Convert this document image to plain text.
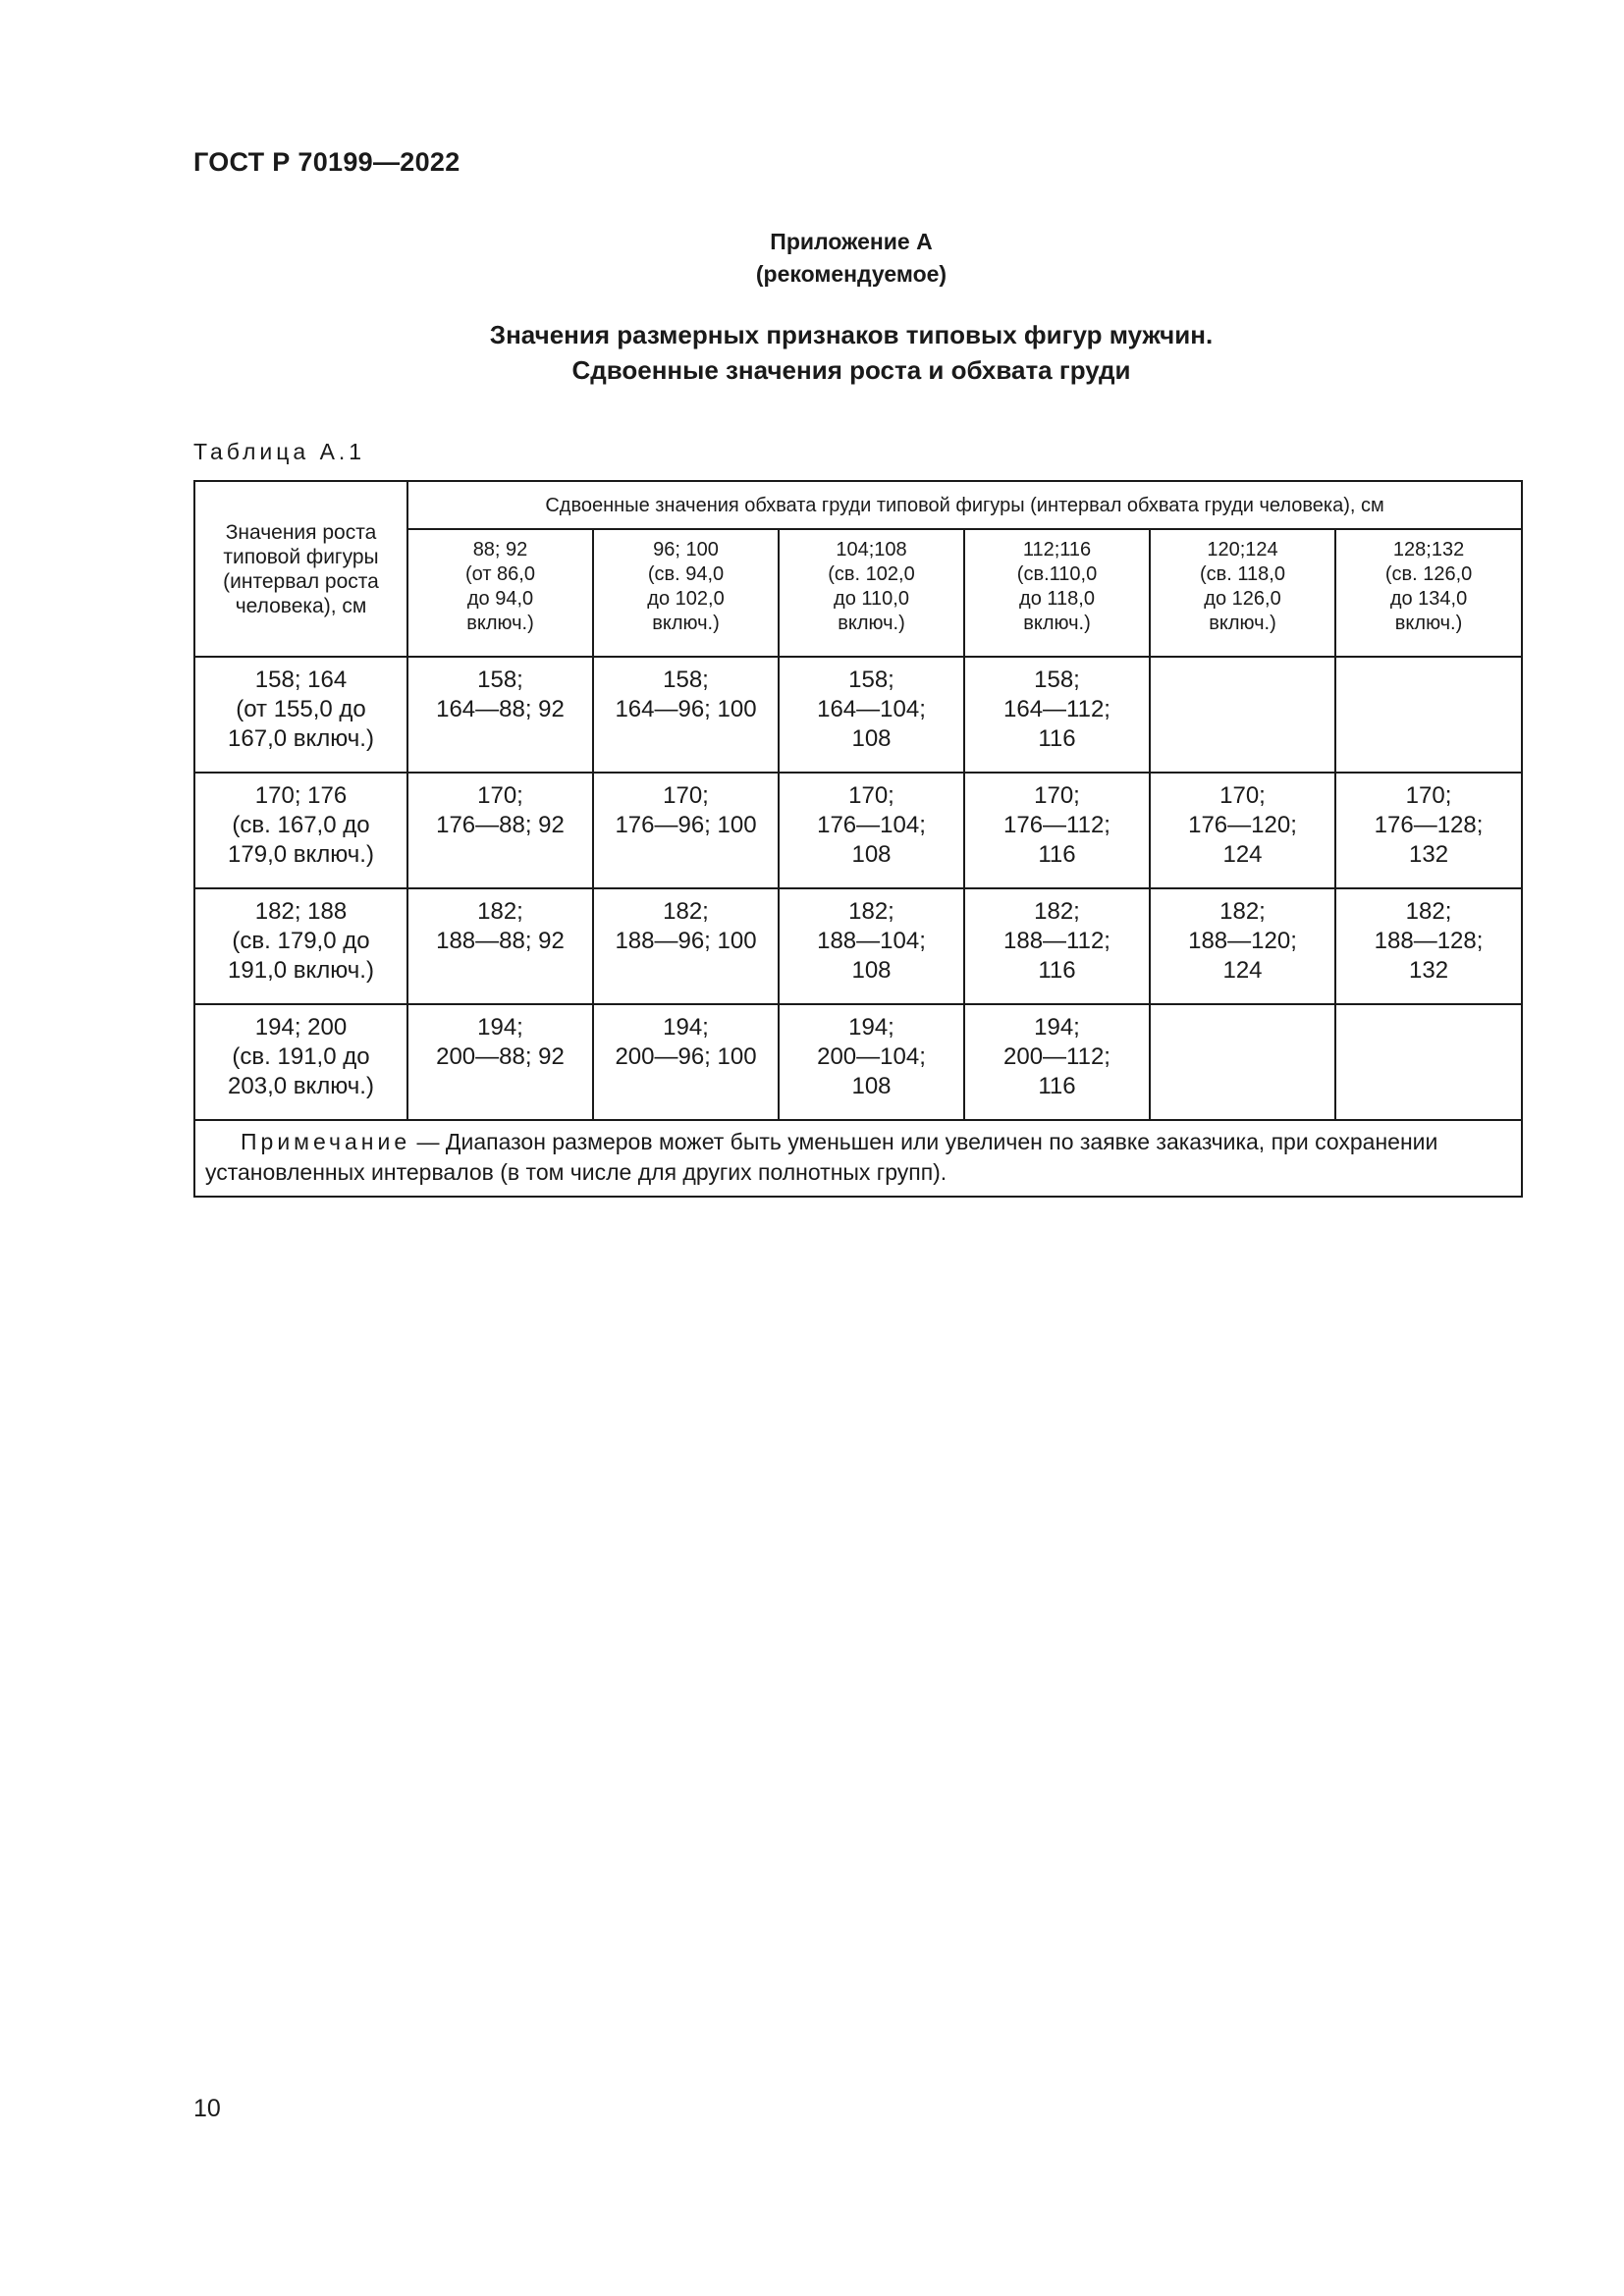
ГОСТ Р 70199—2022
Приложение А
(рекомендуемое)
Значения размерных признаков типовых фигур мужчин.
Сдвоенные значения роста и обхвата груди
Таблица А.1
Значения роста
типовой фигуры
(интервал роста
человека), см	Сдвоенные значения обхвата груди типовой фигуры (интервал обхвата груди человека), см					

	88; 92
(от 86,0
до 94,0
включ.)	96; 100
(св. 94,0
до 102,0
включ.)	104;108
(св. 102,0
до 110,0
включ.)	112;116
(св.110,0
до 118,0
включ.)	120;124
(св. 118,0
до 126,0
включ.)	128;132
(св. 126,0
до 134,0
включ.)

158; 164
(от 155,0 до
167,0 включ.)	158;
164—88; 92	158;
164—96; 100	158;
164—104;
108	158;
164—112;
116		

170; 176
(св. 167,0 до
179,0 включ.)	170;
176—88; 92	170;
176—96; 100	170;
176—104;
108	170;
176—112;
116	170;
176—120;
124	170;
176—128;
132

182; 188
(св. 179,0 до
191,0 включ.)	182;
188—88; 92	182;
188—96; 100	182;
188—104;
108	182;
188—112;
116	182;
188—120;
124	182;
188—128;
132

194; 200
(св. 191,0 до
203,0 включ.)	194;
200—88; 92	194;
200—96; 100	194;
200—104;
108	194;
200—112;
116		

Примечание — Диапазон размеров может быть уменьшен или увеличен по заявке заказчика, при сохранении установленных интервалов (в том числе для других полнотных групп).						
10
